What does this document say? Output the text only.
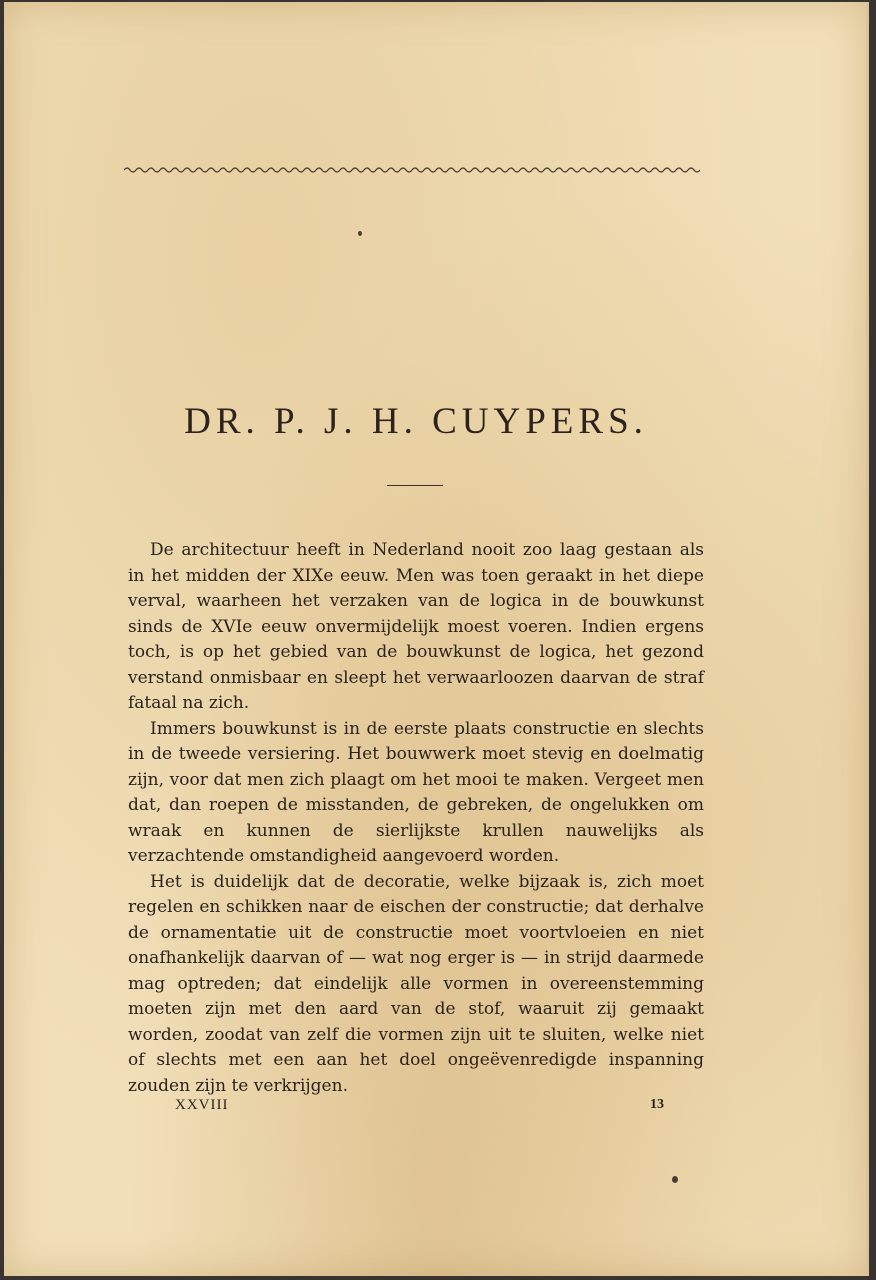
DR. P. J. H. CUYPERS.

De architectuur heeft in Nederland nooit zoo laag gestaan als in het midden der XIXe eeuw. Men was toen geraakt in het diepe verval, waarheen het verzaken van de logica in de bouwkunst sinds de XVIe eeuw onvermijdelijk moest voeren. Indien ergens toch, is op het gebied van de bouwkunst de logica, het gezond verstand onmisbaar en sleept het verwaarloozen daarvan de straf fataal na zich.

Immers bouwkunst is in de eerste plaats constructie en slechts in de tweede versiering. Het bouwwerk moet stevig en doelmatig zijn, voor dat men zich plaagt om het mooi te maken. Vergeet men dat, dan roepen de misstanden, de gebreken, de ongelukken om wraak en kunnen de sierlijkste krullen nauwelijks als verzachtende omstandigheid aangevoerd worden.

Het is duidelijk dat de decoratie, welke bijzaak is, zich moet regelen en schikken naar de eischen der constructie; dat derhalve de ornamentatie uit de constructie moet voortvloeien en niet onafhankelijk daarvan of — wat nog erger is — in strijd daarmede mag optreden; dat eindelijk alle vormen in overeenstemming moeten zijn met den aard van de stof, waaruit zij gemaakt worden, zoodat van zelf die vormen zijn uit te sluiten, welke niet of slechts met een aan het doel ongeëvenredigde inspanning zouden zijn te verkrijgen.

XXVIII	13
